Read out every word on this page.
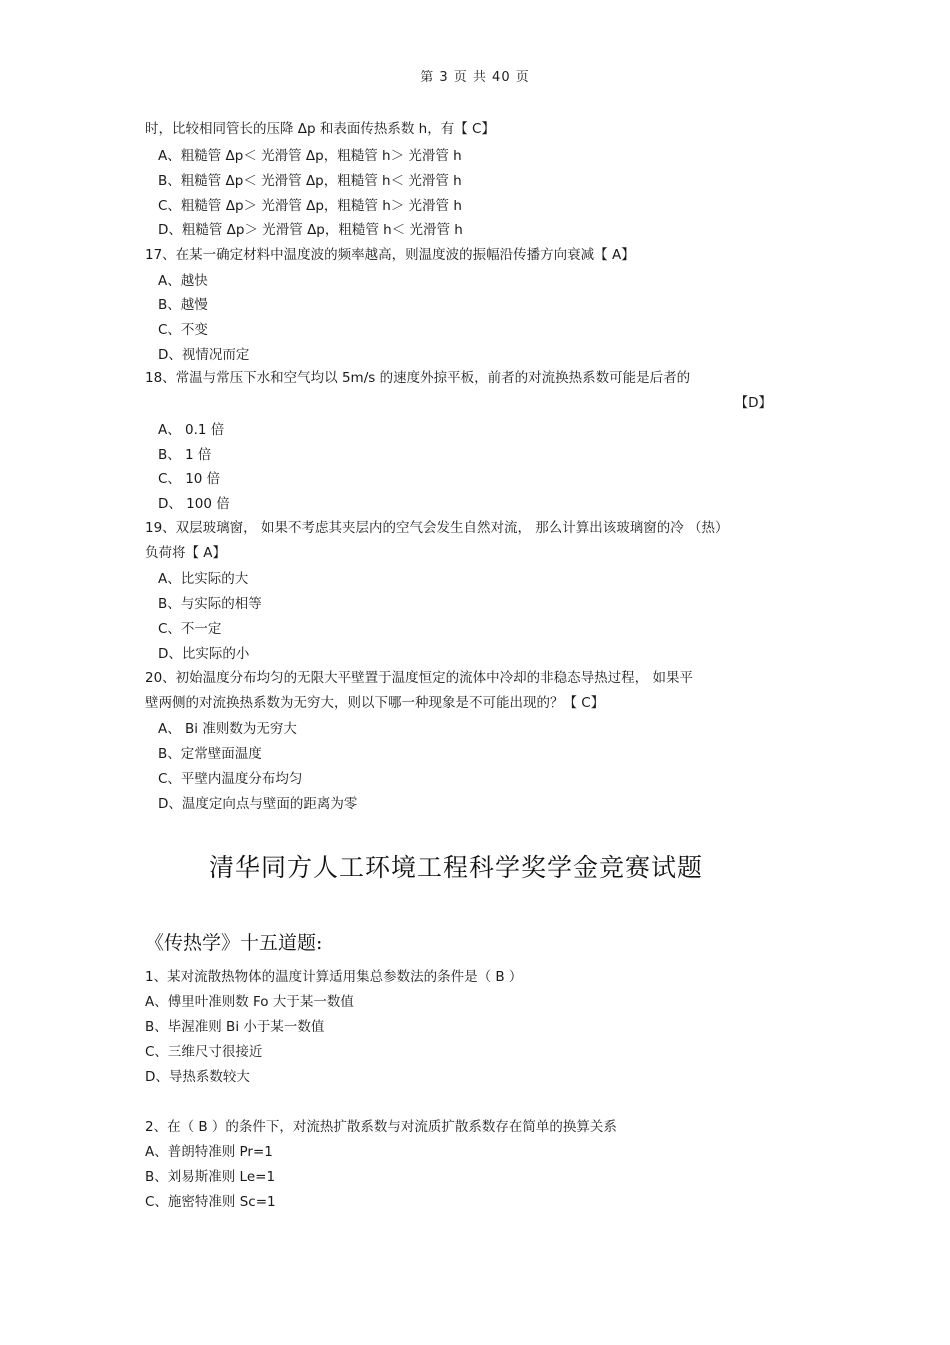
第 3 页 共 40 页
时，比较相同管长的压降 Δp 和表面传热系数 h，有【 C】
A、粗糙管 Δp＜ 光滑管 Δp，粗糙管 h＞ 光滑管 h
B、粗糙管 Δp＜ 光滑管 Δp，粗糙管 h＜ 光滑管 h
C、粗糙管 Δp＞ 光滑管 Δp，粗糙管 h＞ 光滑管 h
D、粗糙管 Δp＞ 光滑管 Δp，粗糙管 h＜ 光滑管 h
17、在某一确定材料中温度波的频率越高，则温度波的振幅沿传播方向衰减【 A】
A、越快
B、越慢
C、不变
D、视情况而定
18、常温与常压下水和空气均以 5m/s 的速度外掠平板，前者的对流换热系数可能是后者的
【D】
A、 0.1 倍
B、 1 倍
C、 10 倍
D、 100 倍
19、双层玻璃窗， 如果不考虑其夹层内的空气会发生自然对流， 那么计算出该玻璃窗的冷 （热）
负荷将【 A】
A、比实际的大
B、与实际的相等
C、不一定
D、比实际的小
20、初始温度分布均匀的无限大平壁置于温度恒定的流体中冷却的非稳态导热过程， 如果平
壁两侧的对流换热系数为无穷大，则以下哪一种现象是不可能出现的？【 C】
A、 Bi 准则数为无穷大
B、定常壁面温度
C、平壁内温度分布均匀
D、温度定向点与壁面的距离为零
清华同方人工环境工程科学奖学金竞赛试题
《传热学》十五道题:
1、某对流散热物体的温度计算适用集总参数法的条件是（ B ）
A、傅里叶准则数 Fo 大于某一数值
B、毕渥准则 Bi 小于某一数值
C、三维尺寸很接近
D、导热系数较大
2、在（ B ）的条件下，对流热扩散系数与对流质扩散系数存在简单的换算关系
A、普朗特准则 Pr=1
B、刘易斯准则 Le=1
C、施密特准则 Sc=1
